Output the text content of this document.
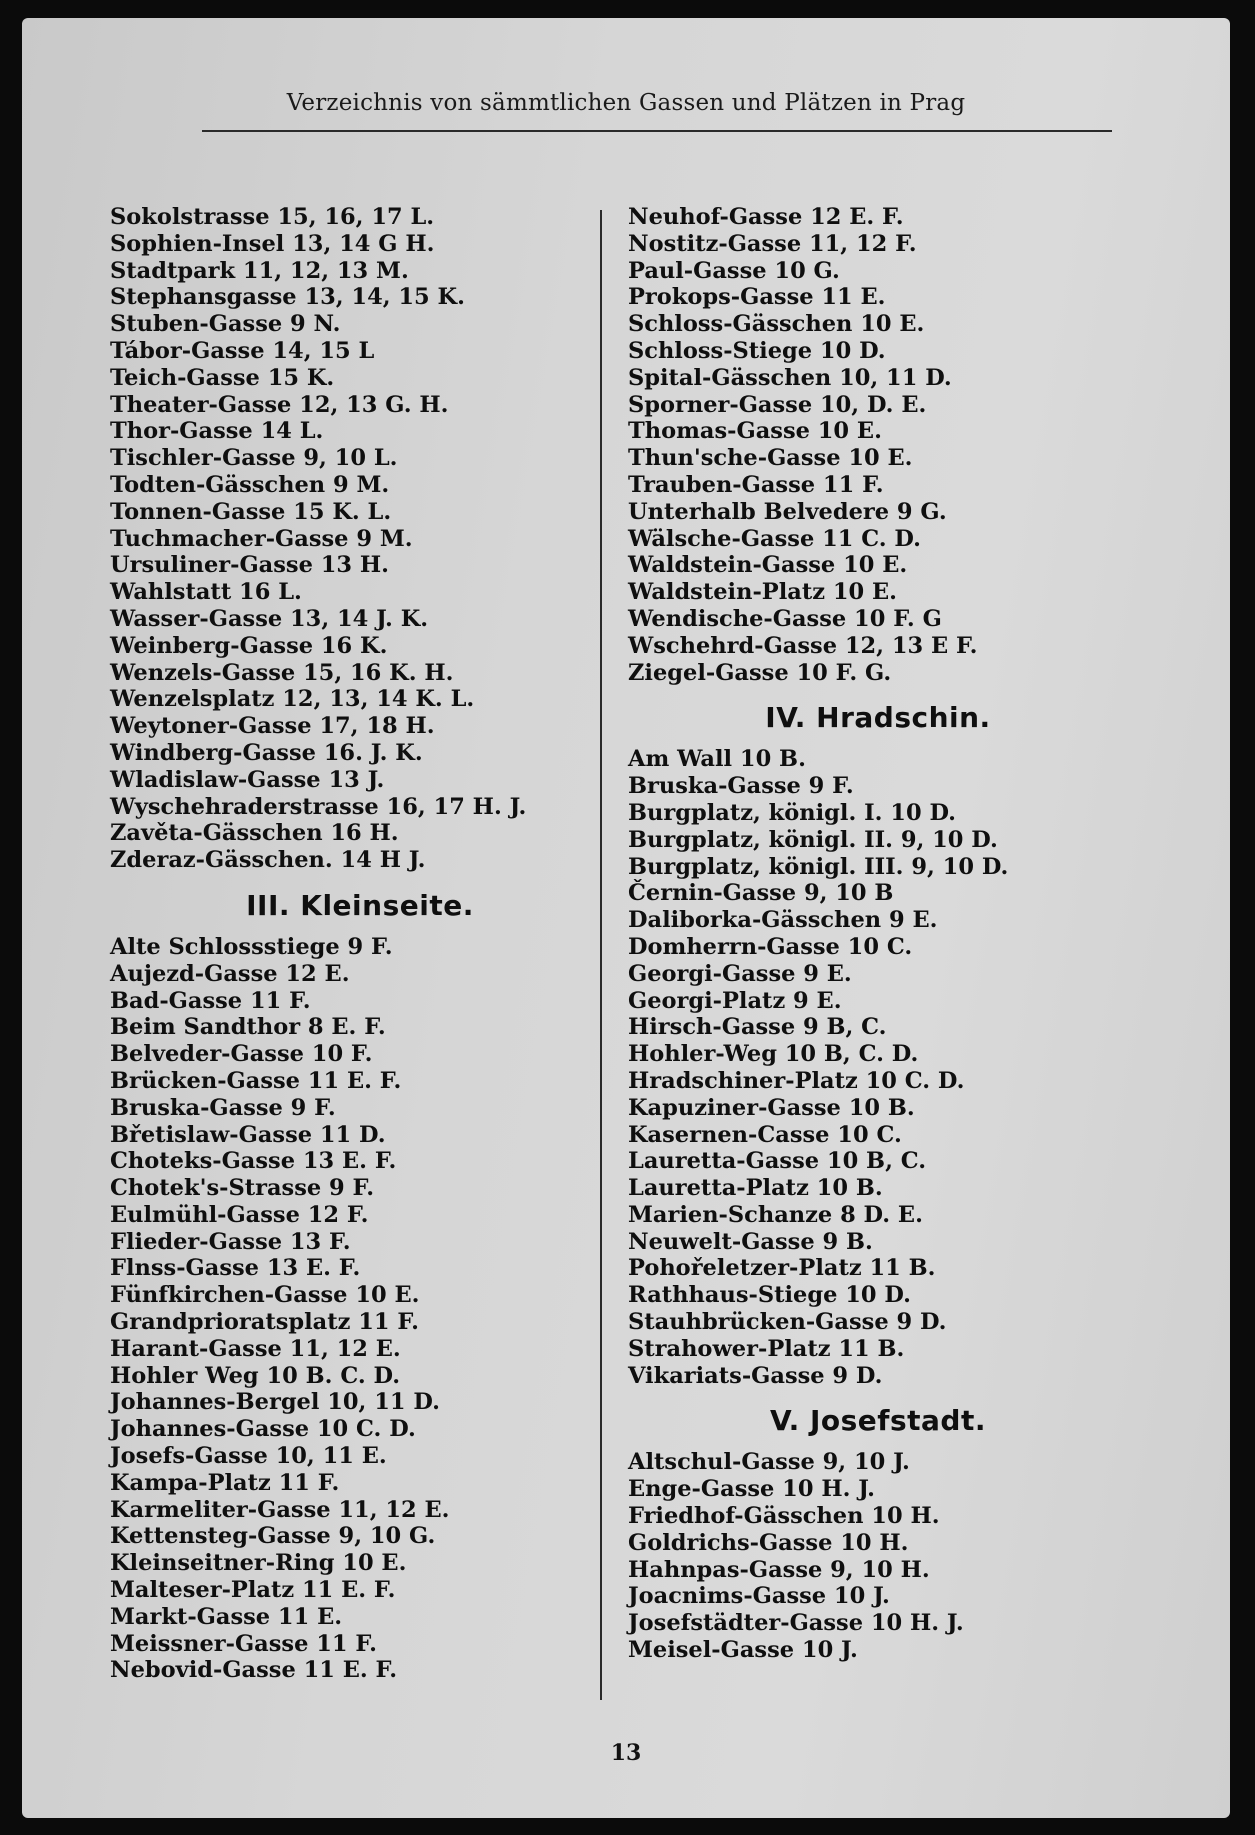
Verzeichnis von sämmtlichen Gassen und Plätzen in Prag
Sokolstrasse 15, 16, 17 L.
Sophien-Insel 13, 14 G H.
Stadtpark 11, 12, 13 M.
Stephansgasse 13, 14, 15 K.
Stuben-Gasse 9 N.
Tábor-Gasse 14, 15 L
Teich-Gasse 15 K.
Theater-Gasse 12, 13 G. H.
Thor-Gasse 14 L.
Tischler-Gasse 9, 10 L.
Todten-Gässchen 9 M.
Tonnen-Gasse 15 K. L.
Tuchmacher-Gasse 9 M.
Ursuliner-Gasse 13 H.
Wahlstatt 16 L.
Wasser-Gasse 13, 14 J. K.
Weinberg-Gasse 16 K.
Wenzels-Gasse 15, 16 K. H.
Wenzelsplatz 12, 13, 14 K. L.
Weytoner-Gasse 17, 18 H.
Windberg-Gasse 16. J. K.
Wladislaw-Gasse 13 J.
Wyschehraderstrasse 16, 17 H. J.
Zavěta-Gässchen 16 H.
Zderaz-Gässchen. 14 H J.
III. Kleinseite.
Alte Schlossstiege 9 F.
Aujezd-Gasse 12 E.
Bad-Gasse 11 F.
Beim Sandthor 8 E. F.
Belveder-Gasse 10 F.
Brücken-Gasse 11 E. F.
Bruska-Gasse 9 F.
Břetislaw-Gasse 11 D.
Choteks-Gasse 13 E. F.
Chotek's-Strasse 9 F.
Eulmühl-Gasse 12 F.
Flieder-Gasse 13 F.
Flnss-Gasse 13 E. F.
Fünfkirchen-Gasse 10 E.
Grandprioratsplatz 11 F.
Harant-Gasse 11, 12 E.
Hohler Weg 10 B. C. D.
Johannes-Bergel 10, 11 D.
Johannes-Gasse 10 C. D.
Josefs-Gasse 10, 11 E.
Kampa-Platz 11 F.
Karmeliter-Gasse 11, 12 E.
Kettensteg-Gasse 9, 10 G.
Kleinseitner-Ring 10 E.
Malteser-Platz 11 E. F.
Markt-Gasse 11 E.
Meissner-Gasse 11 F.
Nebovid-Gasse 11 E. F.
Neuhof-Gasse 12 E. F.
Nostitz-Gasse 11, 12 F.
Paul-Gasse 10 G.
Prokops-Gasse 11 E.
Schloss-Gässchen 10 E.
Schloss-Stiege 10 D.
Spital-Gässchen 10, 11 D.
Sporner-Gasse 10, D. E.
Thomas-Gasse 10 E.
Thun'sche-Gasse 10 E.
Trauben-Gasse 11 F.
Unterhalb Belvedere 9 G.
Wälsche-Gasse 11 C. D.
Waldstein-Gasse 10 E.
Waldstein-Platz 10 E.
Wendische-Gasse 10 F. G
Wschehrd-Gasse 12, 13 E F.
Ziegel-Gasse 10 F. G.
IV. Hradschin.
Am Wall 10 B.
Bruska-Gasse 9 F.
Burgplatz, königl. I. 10 D.
Burgplatz, königl. II. 9, 10 D.
Burgplatz, königl. III. 9, 10 D.
Černin-Gasse 9, 10 B
Daliborka-Gässchen 9 E.
Domherrn-Gasse 10 C.
Georgi-Gasse 9 E.
Georgi-Platz 9 E.
Hirsch-Gasse 9 B, C.
Hohler-Weg 10 B, C. D.
Hradschiner-Platz 10 C. D.
Kapuziner-Gasse 10 B.
Kasernen-Casse 10 C.
Lauretta-Gasse 10 B, C.
Lauretta-Platz 10 B.
Marien-Schanze 8 D. E.
Neuwelt-Gasse 9 B.
Pohořeletzer-Platz 11 B.
Rathhaus-Stiege 10 D.
Stauhbrücken-Gasse 9 D.
Strahower-Platz 11 B.
Vikariats-Gasse 9 D.
V. Josefstadt.
Altschul-Gasse 9, 10 J.
Enge-Gasse 10 H. J.
Friedhof-Gässchen 10 H.
Goldrichs-Gasse 10 H.
Hahnpas-Gasse 9, 10 H.
Joacnims-Gasse 10 J.
Josefstädter-Gasse 10 H. J.
Meisel-Gasse 10 J.
13
